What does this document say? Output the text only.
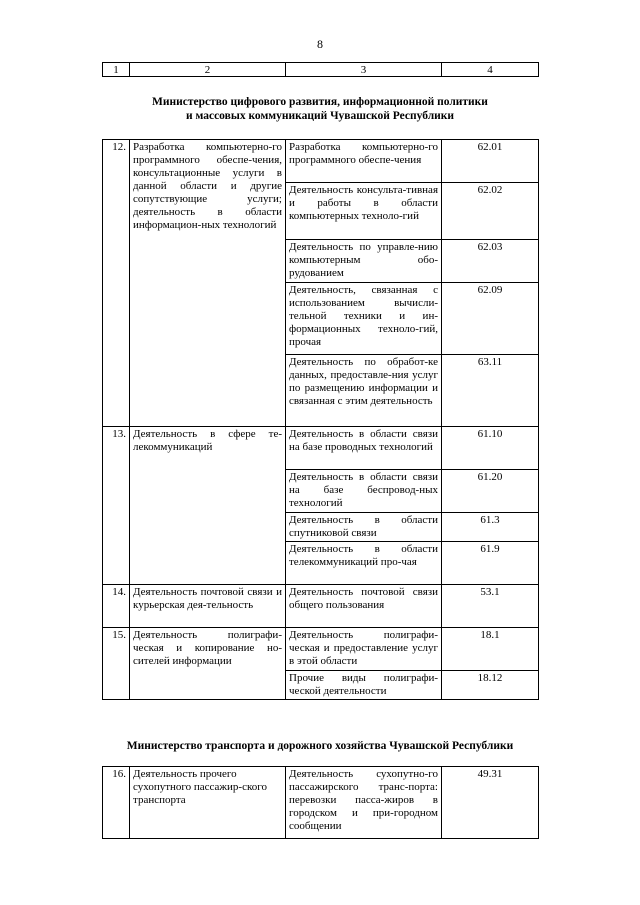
8
1	2	3	4
Министерство цифрового развития, информационной политики
и массовых коммуникаций Чувашской Республики
12.	Разработка компьютерно-го программного обеспе-чения, консультационные услуги в данной области и другие сопутствующие услуги; деятельность в области информацион-ных технологий	Разработка компьютерно-го программного обеспе-чения	62.01
		Деятельность консульта-тивная и работы в области компьютерных техноло-гий	62.02
		Деятельность по управле-нию компьютерным обо-рудованием	62.03
		Деятельность, связанная с использованием вычисли-тельной техники и ин-формационных техноло-гий, прочая	62.09
		Деятельность по обработ-ке данных, предоставле-ния услуг по размещению информации и связанная с этим деятельность	63.11
13.	Деятельность в сфере те-лекоммуникаций	Деятельность в области связи на базе проводных технологий	61.10
		Деятельность в области связи на базе беспровод-ных технологий	61.20
		Деятельность в области спутниковой связи	61.3
		Деятельность в области телекоммуникаций про-чая	61.9
14.	Деятельность почтовой связи и курьерская дея-тельность	Деятельность почтовой связи общего пользования	53.1
15.	Деятельность полиграфи-ческая и копирование но-сителей информации	Деятельность полиграфи-ческая и предоставление услуг в этой области	18.1
		Прочие виды полиграфи-ческой деятельности	18.12
Министерство транспорта и дорожного хозяйства Чувашской Республики
16.	Деятельность прочего сухопутного пассажир-ского транспорта	Деятельность сухопутно-го пассажирского транс-порта: перевозки пасса-жиров в городском и при-городном сообщении	49.31
